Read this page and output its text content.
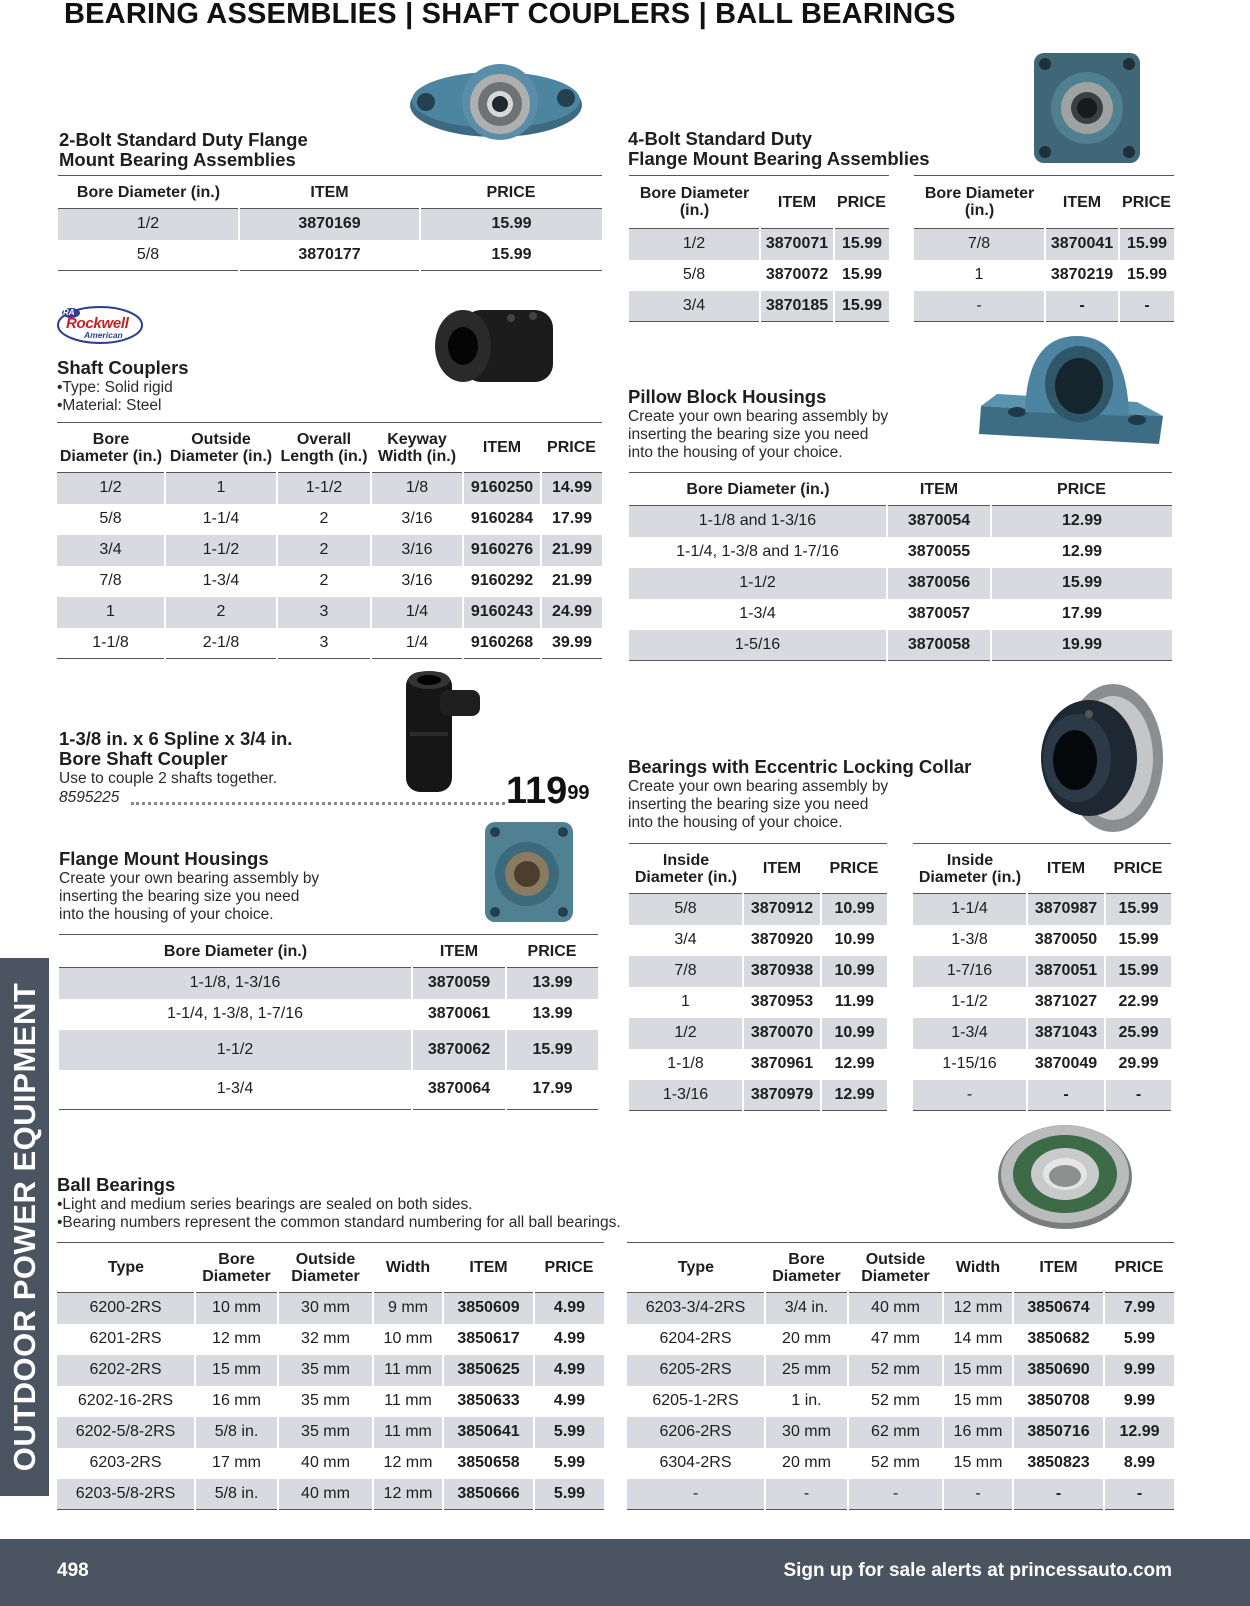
BEARING ASSEMBLIES | SHAFT COUPLERS | BALL BEARINGS
2-Bolt Standard Duty Flange
Mount Bearing Assemblies
Bore Diameter (in.)	ITEM	PRICE
1/2	3870169	15.99
5/8	3870177	15.99
4-Bolt Standard Duty
Flange Mount Bearing Assemblies
Bore Diameter (in.)	ITEM	PRICE
1/2	3870071	15.99
5/8	3870072	15.99
3/4	3870185	15.99
Bore Diameter (in.)	ITEM	PRICE
7/8	3870041	15.99
1	3870219	15.99
-	-	-
RA
Rockwell
American
Shaft Couplers
•Type: Solid rigid
•Material: Steel
Bore Diameter (in.)	Outside Diameter (in.)	Overall Length (in.)	Keyway Width (in.)	ITEM	PRICE
1/2	1	1-1/2	1/8	9160250	14.99
5/8	1-1/4	2	3/16	9160284	17.99
3/4	1-1/2	2	3/16	9160276	21.99
7/8	1-3/4	2	3/16	9160292	21.99
1	2	3	1/4	9160243	24.99
1-1/8	2-1/8	3	1/4	9160268	39.99
Pillow Block Housings
Create your own bearing assembly by
inserting the bearing size you need
into the housing of your choice.
Bore Diameter (in.)	ITEM	PRICE
1-1/8 and 1-3/16	3870054	12.99
1-1/4, 1-3/8 and 1-7/16	3870055	12.99
1-1/2	3870056	15.99
1-3/4	3870057	17.99
1-5/16	3870058	19.99
1-3/8 in. x 6 Spline x 3/4 in.
Bore Shaft Coupler
Use to couple 2 shafts together.
8595225	$119^{99}$
Bearings with Eccentric Locking Collar
Create your own bearing assembly by
inserting the bearing size you need
into the housing of your choice.
Inside Diameter (in.)	ITEM	PRICE
5/8	3870912	10.99
3/4	3870920	10.99
7/8	3870938	10.99
1	3870953	11.99
1/2	3870070	10.99
1-1/8	3870961	12.99
1-3/16	3870979	12.99
Inside Diameter (in.)	ITEM	PRICE
1-1/4	3870987	15.99
1-3/8	3870050	15.99
1-7/16	3870051	15.99
1-1/2	3871027	22.99
1-3/4	3871043	25.99
1-15/16	3870049	29.99
-	-	-
Flange Mount Housings
Create your own bearing assembly by
inserting the bearing size you need
into the housing of your choice.
Bore Diameter (in.)	ITEM	PRICE
1-1/8, 1-3/16	3870059	13.99
1-1/4, 1-3/8, 1-7/16	3870061	13.99
1-1/2	3870062	15.99
1-3/4	3870064	17.99
Ball Bearings
•Light and medium series bearings are sealed on both sides.
•Bearing numbers represent the common standard numbering for all ball bearings.
Type	Bore Diameter	Outside Diameter	Width	ITEM	PRICE
6200-2RS	10 mm	30 mm	9 mm	3850609	4.99
6201-2RS	12 mm	32 mm	10 mm	3850617	4.99
6202-2RS	15 mm	35 mm	11 mm	3850625	4.99
6202-16-2RS	16 mm	35 mm	11 mm	3850633	4.99
6202-5/8-2RS	5/8 in.	35 mm	11 mm	3850641	5.99
6203-2RS	17 mm	40 mm	12 mm	3850658	5.99
6203-5/8-2RS	5/8 in.	40 mm	12 mm	3850666	5.99
Type	Bore Diameter	Outside Diameter	Width	ITEM	PRICE
6203-3/4-2RS	3/4 in.	40 mm	12 mm	3850674	7.99
6204-2RS	20 mm	47 mm	14 mm	3850682	5.99
6205-2RS	25 mm	52 mm	15 mm	3850690	9.99
6205-1-2RS	1 in.	52 mm	15 mm	3850708	9.99
6206-2RS	30 mm	62 mm	16 mm	3850716	12.99
6304-2RS	20 mm	52 mm	15 mm	3850823	8.99
-	-	-	-	-	-
OUTDOOR POWER EQUIPMENT
498	Sign up for sale alerts at princessauto.com
